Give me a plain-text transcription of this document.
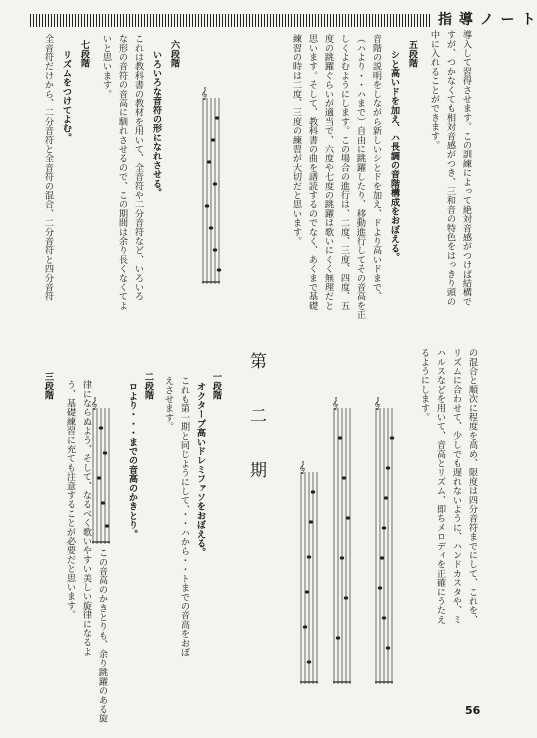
指 導 ノ ー ト
導入して習得させます。この訓練によって絶対音感がつけば結構で
すが、つかなくても相対音感がつき、三和音の特色をはっきり頭の
中に入れることができます。
五段階
シと高いドを加え、ハ長調の音階構成をおぼえる。
音階の説明をしながら新しいシとドを加え、ドより高いドまで、
（ハより・・ハまで）自由に跳躍したり、移動進行してその音高を正
しくよむようにします。この場合の進行は、二度、三度、四度、五
度の跳躍ぐらいが適当で、六度や七度の跳躍は歌いにくく無理だと
思います。そして、教科書の曲を譜読するのでなく、あくまで基礎
練習の時は二度、三度の練習が大切だと思います。
𝄞
六段階
いろいろな音符の形になれさせる。
これは教科書の教材を用いて、全音符や二分音符など、いろいろ
な形の音符の音高に馴れさせるので、この期間は余り長くなくてよ
いと思います。
七段階
リズムをつけてよむ。
全音符だけから、二分音符と全音符の混合、二分音符と四分音符
の混合と順次に程度を高め、限度は四分音符までにして、これを、
リズムに合わせて、少しでも遅れないように、ハンドカスタや、ミ
ハルスなどを用いて、音高とリズム、即ちメロディを正確にうたえ
るようにします。
𝄞
𝄞
𝄞
第 二 期
一段階
オクターブ高いドレミファソをおぼえる。
これも第一期と同じようにして、・・ハから・・トまでの音高をおぼ
えさせます。
二段階
ロより・・・までの音高のかきとり。
𝄞
この音高のかきとりも、余り跳躍のある旋
律にならぬよう、そして、なるべく歌いやすい美しい旋律になるよ
う、基礎練習に充ても注意することが必要だと思います。
三段階
56
